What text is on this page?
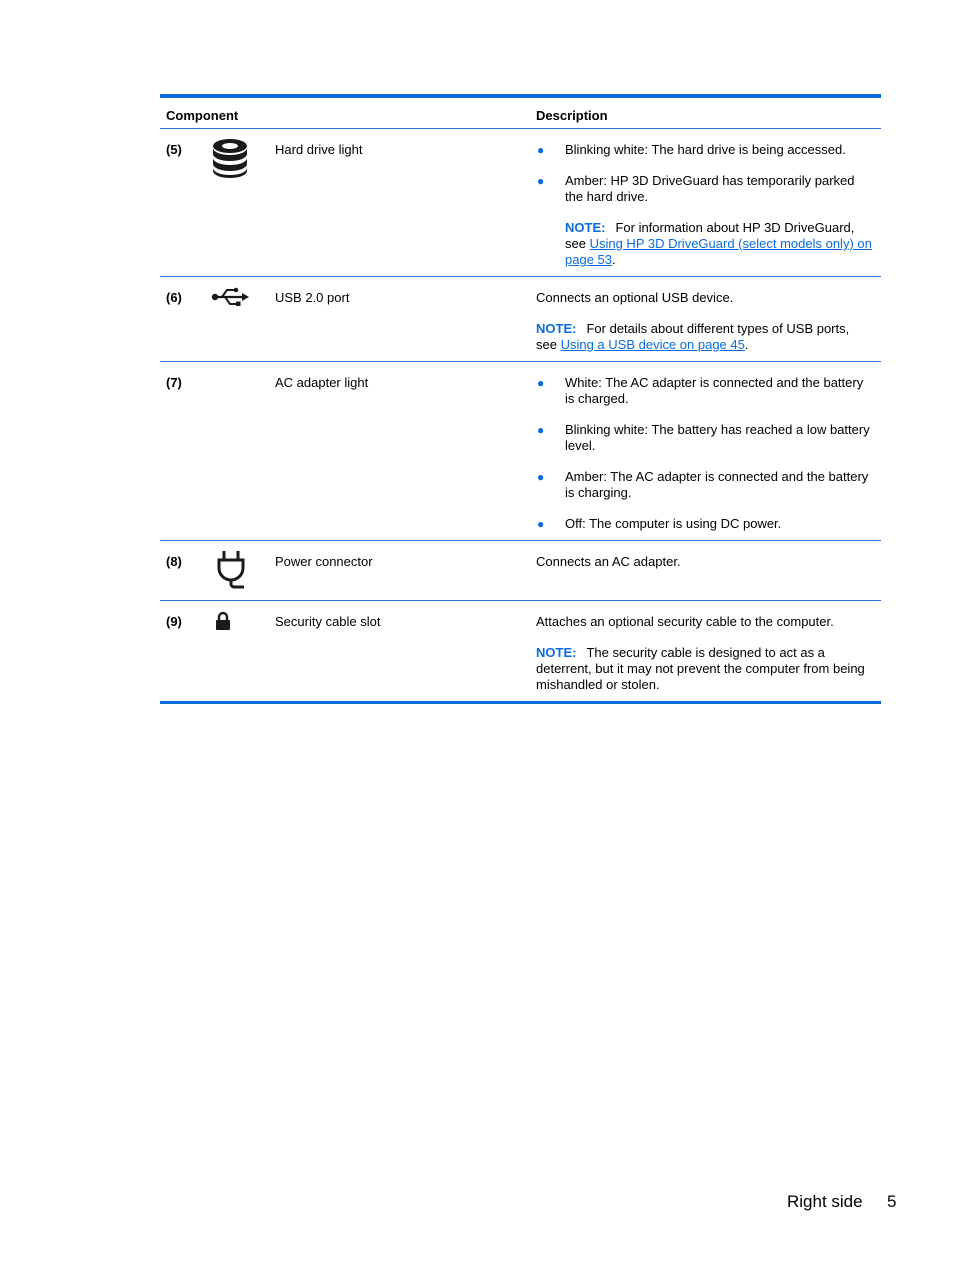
Component	Description
(5)	Hard drive light	● Blinking white: The hard drive is being accessed.
● Amber: HP 3D DriveGuard has temporarily parked the hard drive.

NOTE: For information about HP 3D DriveGuard, see Using HP 3D DriveGuard (select models only) on page 53.

(6)	USB 2.0 port	Connects an optional USB device.

NOTE: For details about different types of USB ports, see Using a USB device on page 45.

(7)	AC adapter light	● White: The AC adapter is connected and the battery is charged.
● Blinking white: The battery has reached a low battery level.
● Amber: The AC adapter is connected and the battery is charging.
● Off: The computer is using DC power.
(8)	Power connector	Connects an AC adapter.

(9)	Security cable slot	Attaches an optional security cable to the computer.

NOTE: The security cable is designed to act as a deterrent, but it may not prevent the computer from being mishandled or stolen.

Right side 5
